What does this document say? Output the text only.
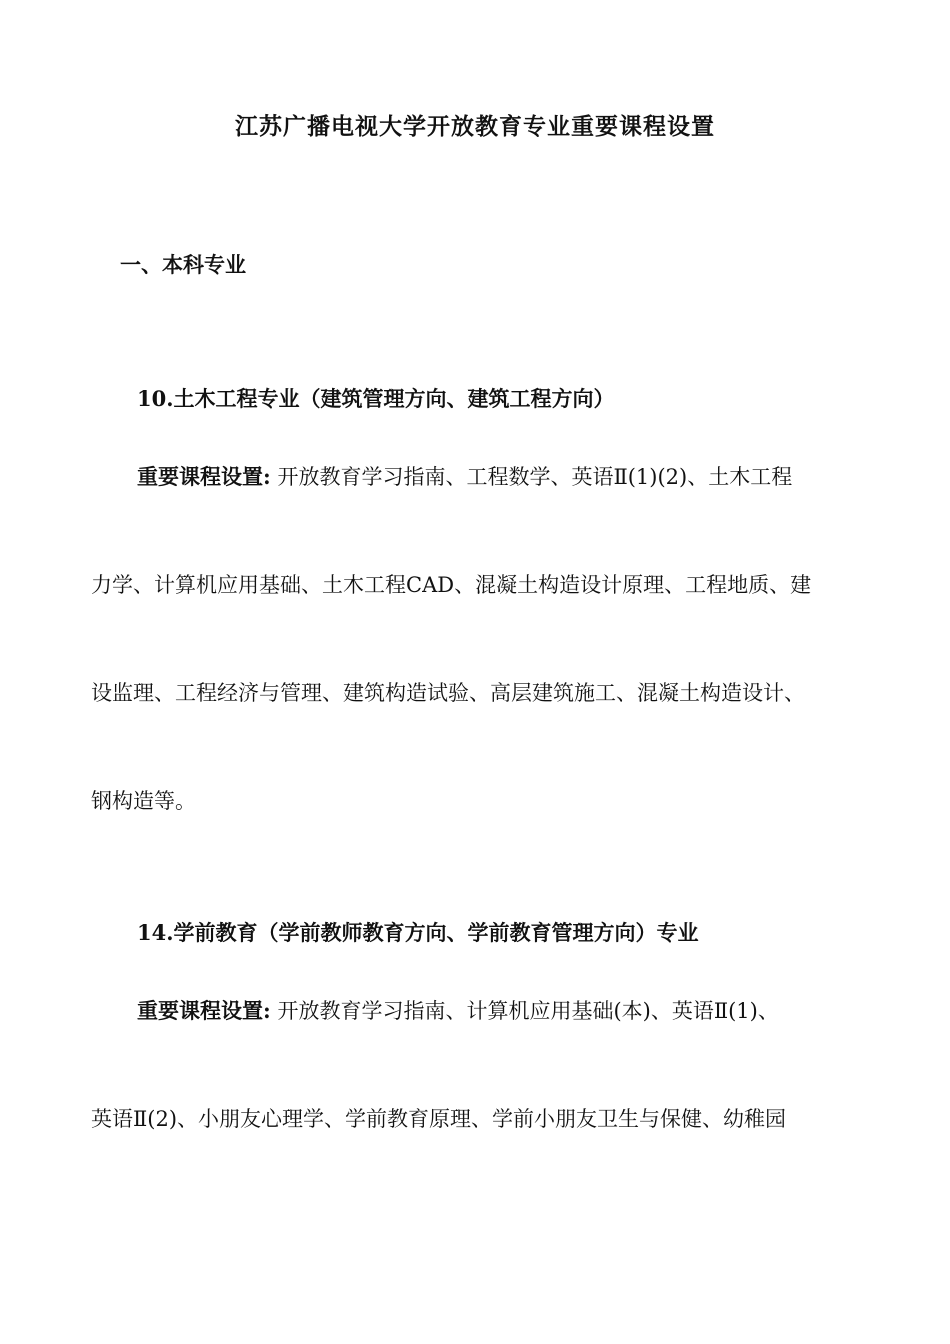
江苏广播电视大学开放教育专业重要课程设置
一、本科专业
10.土木工程专业（建筑管理方向、建筑工程方向）
重要课程设置: 开放教育学习指南、工程数学、英语Ⅱ(1)(2)、土木工程
力学、计算机应用基础、土木工程CAD、混凝土构造设计原理、工程地质、建
设监理、工程经济与管理、建筑构造试验、高层建筑施工、混凝土构造设计、
钢构造等。
14.学前教育（学前教师教育方向、学前教育管理方向）专业
重要课程设置: 开放教育学习指南、计算机应用基础(本)、英语Ⅱ(1)、
英语Ⅱ(2)、小朋友心理学、学前教育原理、学前小朋友卫生与保健、幼稚园
